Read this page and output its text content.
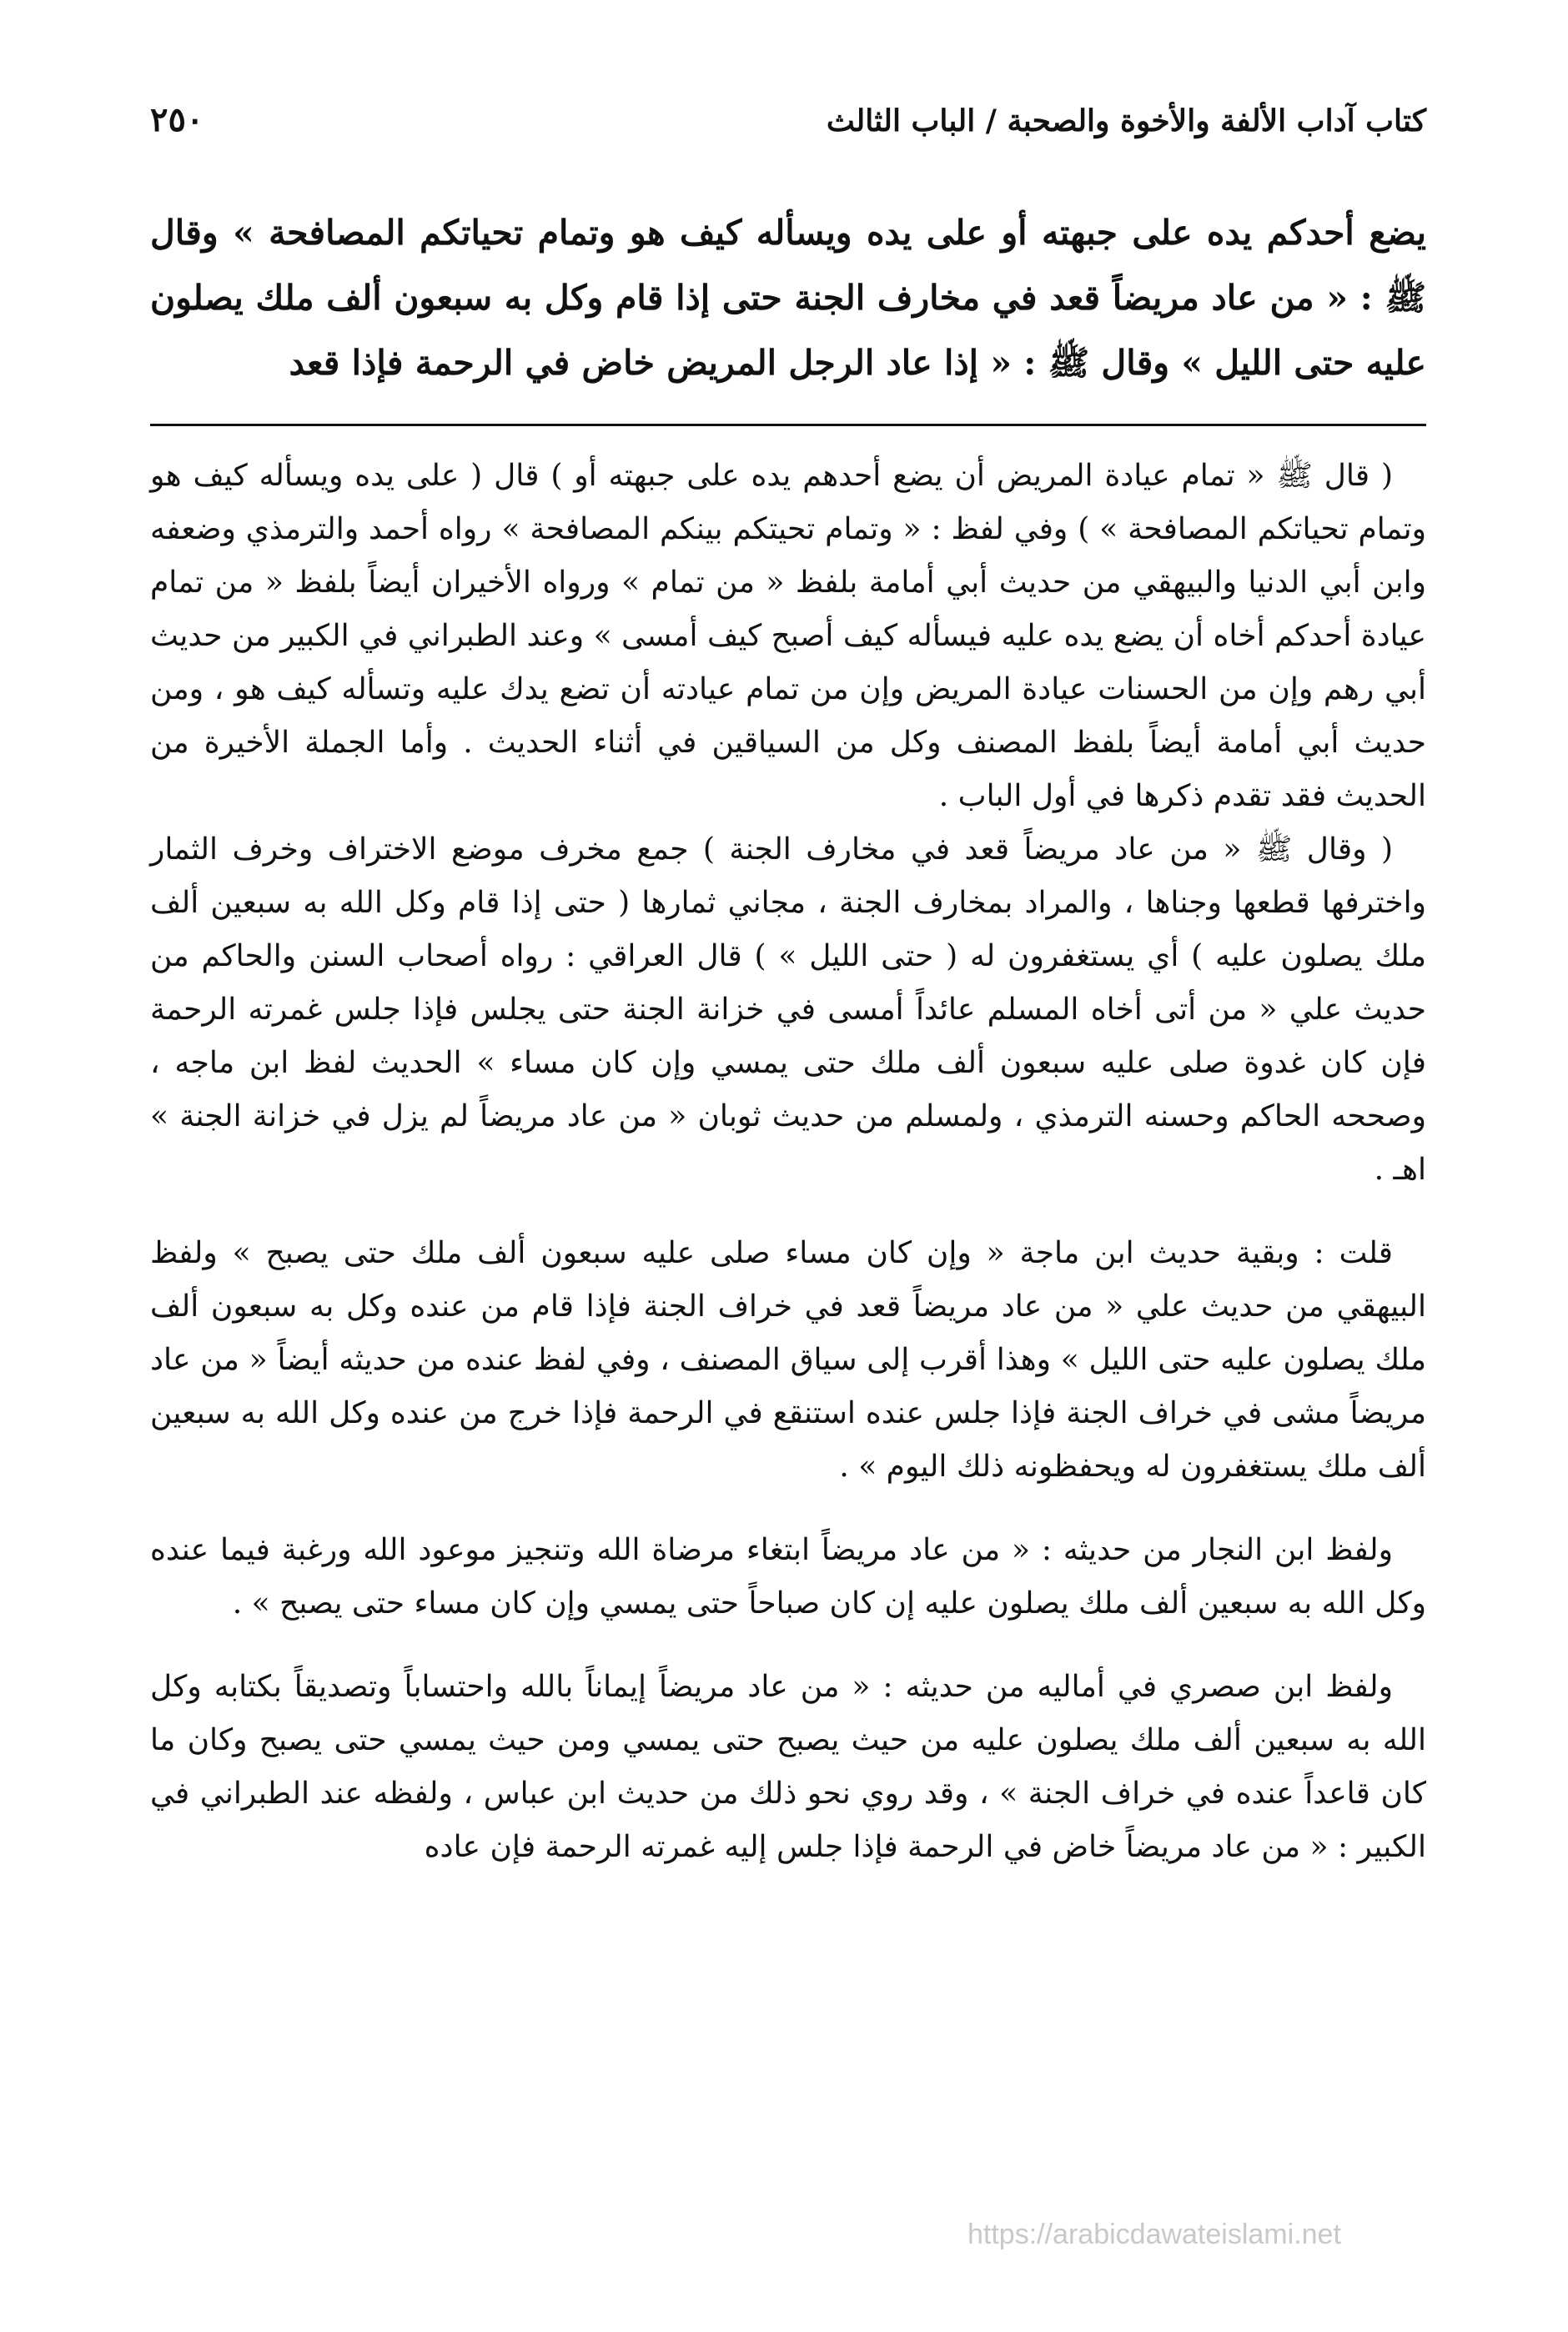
كتاب آداب الألفة والأخوة والصحبة / الباب الثالث
٢٥٠

يضع أحدكم يده على جبهته أو على يده ويسأله كيف هو وتمام تحياتكم المصافحة » وقال ﷺ : « من عاد مريضاً قعد في مخارف الجنة حتى إذا قام وكل به سبعون ألف ملك يصلون عليه حتى الليل » وقال ﷺ : « إذا عاد الرجل المريض خاض في الرحمة فإذا قعد

( قال ﷺ « تمام عيادة المريض أن يضع أحدهم يده على جبهته أو ) قال ( على يده ويسأله كيف هو وتمام تحياتكم المصافحة » ) وفي لفظ : « وتمام تحيتكم بينكم المصافحة » رواه أحمد والترمذي وضعفه وابن أبي الدنيا والبيهقي من حديث أبي أمامة بلفظ « من تمام » ورواه الأخيران أيضاً بلفظ « من تمام عيادة أحدكم أخاه أن يضع يده عليه فيسأله كيف أصبح كيف أمسى » وعند الطبراني في الكبير من حديث أبي رهم وإن من الحسنات عيادة المريض وإن من تمام عيادته أن تضع يدك عليه وتسأله كيف هو ، ومن حديث أبي أمامة أيضاً بلفظ المصنف وكل من السياقين في أثناء الحديث . وأما الجملة الأخيرة من الحديث فقد تقدم ذكرها في أول الباب .

( وقال ﷺ « من عاد مريضاً قعد في مخارف الجنة ) جمع مخرف موضع الاختراف وخرف الثمار واخترفها قطعها وجناها ، والمراد بمخارف الجنة ، مجاني ثمارها ( حتى إذا قام وكل الله به سبعين ألف ملك يصلون عليه ) أي يستغفرون له ( حتى الليل » ) قال العراقي : رواه أصحاب السنن والحاكم من حديث علي « من أتى أخاه المسلم عائداً أمسى في خزانة الجنة حتى يجلس فإذا جلس غمرته الرحمة فإن كان غدوة صلى عليه سبعون ألف ملك حتى يمسي وإن كان مساء » الحديث لفظ ابن ماجه ، وصححه الحاكم وحسنه الترمذي ، ولمسلم من حديث ثوبان « من عاد مريضاً لم يزل في خزانة الجنة » اهـ .

قلت : وبقية حديث ابن ماجة « وإن كان مساء صلى عليه سبعون ألف ملك حتى يصبح » ولفظ البيهقي من حديث علي « من عاد مريضاً قعد في خراف الجنة فإذا قام من عنده وكل به سبعون ألف ملك يصلون عليه حتى الليل » وهذا أقرب إلى سياق المصنف ، وفي لفظ عنده من حديثه أيضاً « من عاد مريضاً مشى في خراف الجنة فإذا جلس عنده استنقع في الرحمة فإذا خرج من عنده وكل الله به سبعين ألف ملك يستغفرون له ويحفظونه ذلك اليوم » .

ولفظ ابن النجار من حديثه : « من عاد مريضاً ابتغاء مرضاة الله وتنجيز موعود الله ورغبة فيما عنده وكل الله به سبعين ألف ملك يصلون عليه إن كان صباحاً حتى يمسي وإن كان مساء حتى يصبح » .

ولفظ ابن صصري في أماليه من حديثه : « من عاد مريضاً إيماناً بالله واحتساباً وتصديقاً بكتابه وكل الله به سبعين ألف ملك يصلون عليه من حيث يصبح حتى يمسي ومن حيث يمسي حتى يصبح وكان ما كان قاعداً عنده في خراف الجنة » ، وقد روي نحو ذلك من حديث ابن عباس ، ولفظه عند الطبراني في الكبير : « من عاد مريضاً خاض في الرحمة فإذا جلس إليه غمرته الرحمة فإن عاده

https://arabicdawateislami.net
